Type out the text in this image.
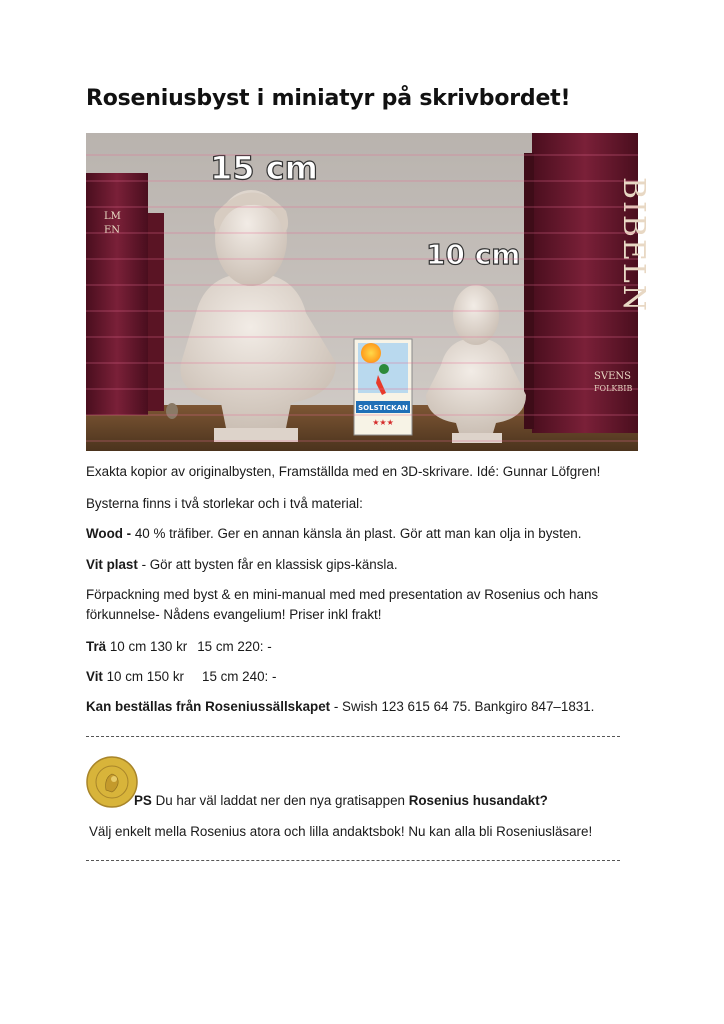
Roseniusbyst i miniatyr på skrivbordet!
SOLSTICKAN
★★★
LM
EN	BIBELN
SVENS
FOLKBIB
15 cm
10 cm

Exakta kopior av originalbysten, Framställda med en 3D-skrivare. Idé: Gunnar Löfgren!

Bysterna finns i två storlekar och i två material:

Wood - 40 % träfiber. Ger en annan känsla än plast. Gör att man kan olja in bysten.

Vit plast - Gör att bysten får en klassisk gips-känsla.

Förpackning med byst & en mini-manual med med presentation av Rosenius och hans förkunnelse- Nådens evangelium! Priser inkl frakt!

Trä 10 cm 130 kr 15 cm 220: -

Vit 10 cm 150 kr 15 cm 240: -

Kan beställas från Roseniussällskapet - Swish 123 615 64 75. Bankgiro 847–1831.

PS Du har väl laddat ner den nya gratisappen Rosenius husandakt?

Välj enkelt mella Rosenius atora och lilla andaktsbok! Nu kan alla bli Roseniusläsare!
